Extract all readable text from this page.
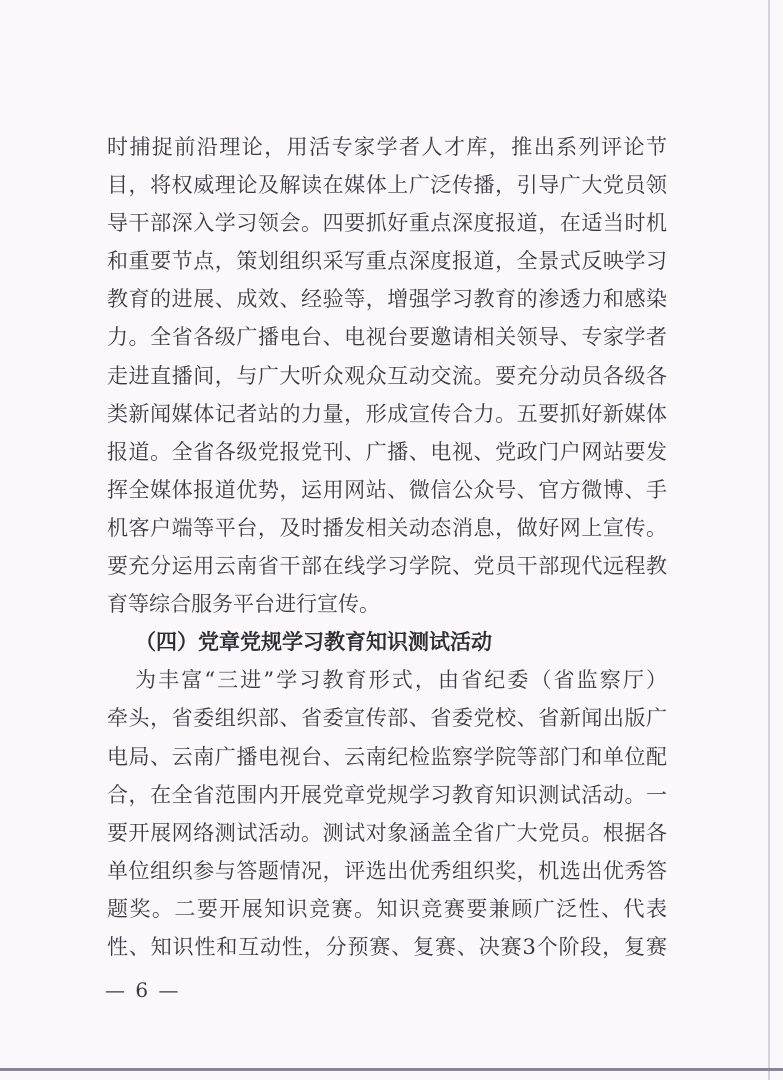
时捕捉前沿理论，用活专家学者人才库，推出系列评论节
目，将权威理论及解读在媒体上广泛传播，引导广大党员领
导干部深入学习领会。四要抓好重点深度报道，在适当时机
和重要节点，策划组织采写重点深度报道，全景式反映学习
教育的进展、成效、经验等，增强学习教育的渗透力和感染
力。全省各级广播电台、电视台要邀请相关领导、专家学者
走进直播间，与广大听众观众互动交流。要充分动员各级各
类新闻媒体记者站的力量，形成宣传合力。五要抓好新媒体
报道。全省各级党报党刊、广播、电视、党政门户网站要发
挥全媒体报道优势，运用网站、微信公众号、官方微博、手
机客户端等平台，及时播发相关动态消息，做好网上宣传。
要充分运用云南省干部在线学习学院、党员干部现代远程教
育等综合服务平台进行宣传。
（四）党章党规学习教育知识测试活动
为丰富“三进”学习教育形式，由省纪委（省监察厅）
牵头，省委组织部、省委宣传部、省委党校、省新闻出版广
电局、云南广播电视台、云南纪检监察学院等部门和单位配
合，在全省范围内开展党章党规学习教育知识测试活动。一
要开展网络测试活动。测试对象涵盖全省广大党员。根据各
单位组织参与答题情况，评选出优秀组织奖，机选出优秀答
题奖。二要开展知识竞赛。知识竞赛要兼顾广泛性、代表
性、知识性和互动性，分预赛、复赛、决赛3个阶段，复赛
— 6 —
